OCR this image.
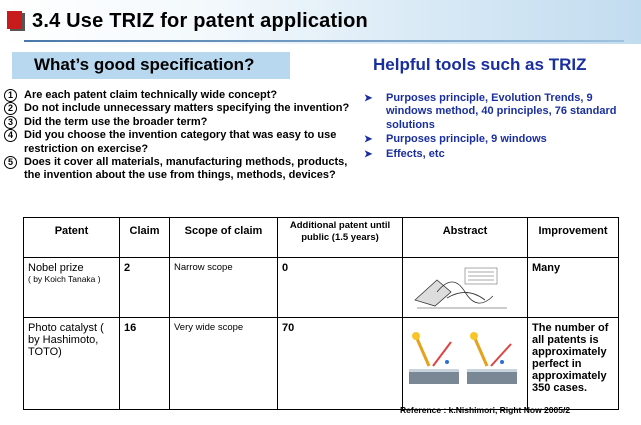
3.4 Use TRIZ for patent application
What’s good specification?	Helpful tools such as TRIZ
1	Are each patent claim technically wide concept?
2	Do not include unnecessary matters specifying the invention?
3	Did the term use the broader term?
4	Did you choose the invention category that was easy to use restriction on exercise?
5	Does it cover all materials, manufacturing methods, products, the invention about the use from things, methods, devices?
➤ Purposes principle, Evolution Trends, 9 windows method, 40 principles, 76 standard solutions
➤ Purposes principle, 9 windows
➤ Effects, etc
Patent	Claim	Scope of claim	Additional patent until public (1.5 years)	Abstract	Improvement

Nobel prize
( by Koich Tanaka )	2	Narrow scope	0		Many
Photo catalyst ( by Hashimoto, TOTO)	16	Very wide scope	70		The number of all patents is approximately perfect in approximately 350 cases.
Reference : k.Nishimori, Right Now 2005/2
